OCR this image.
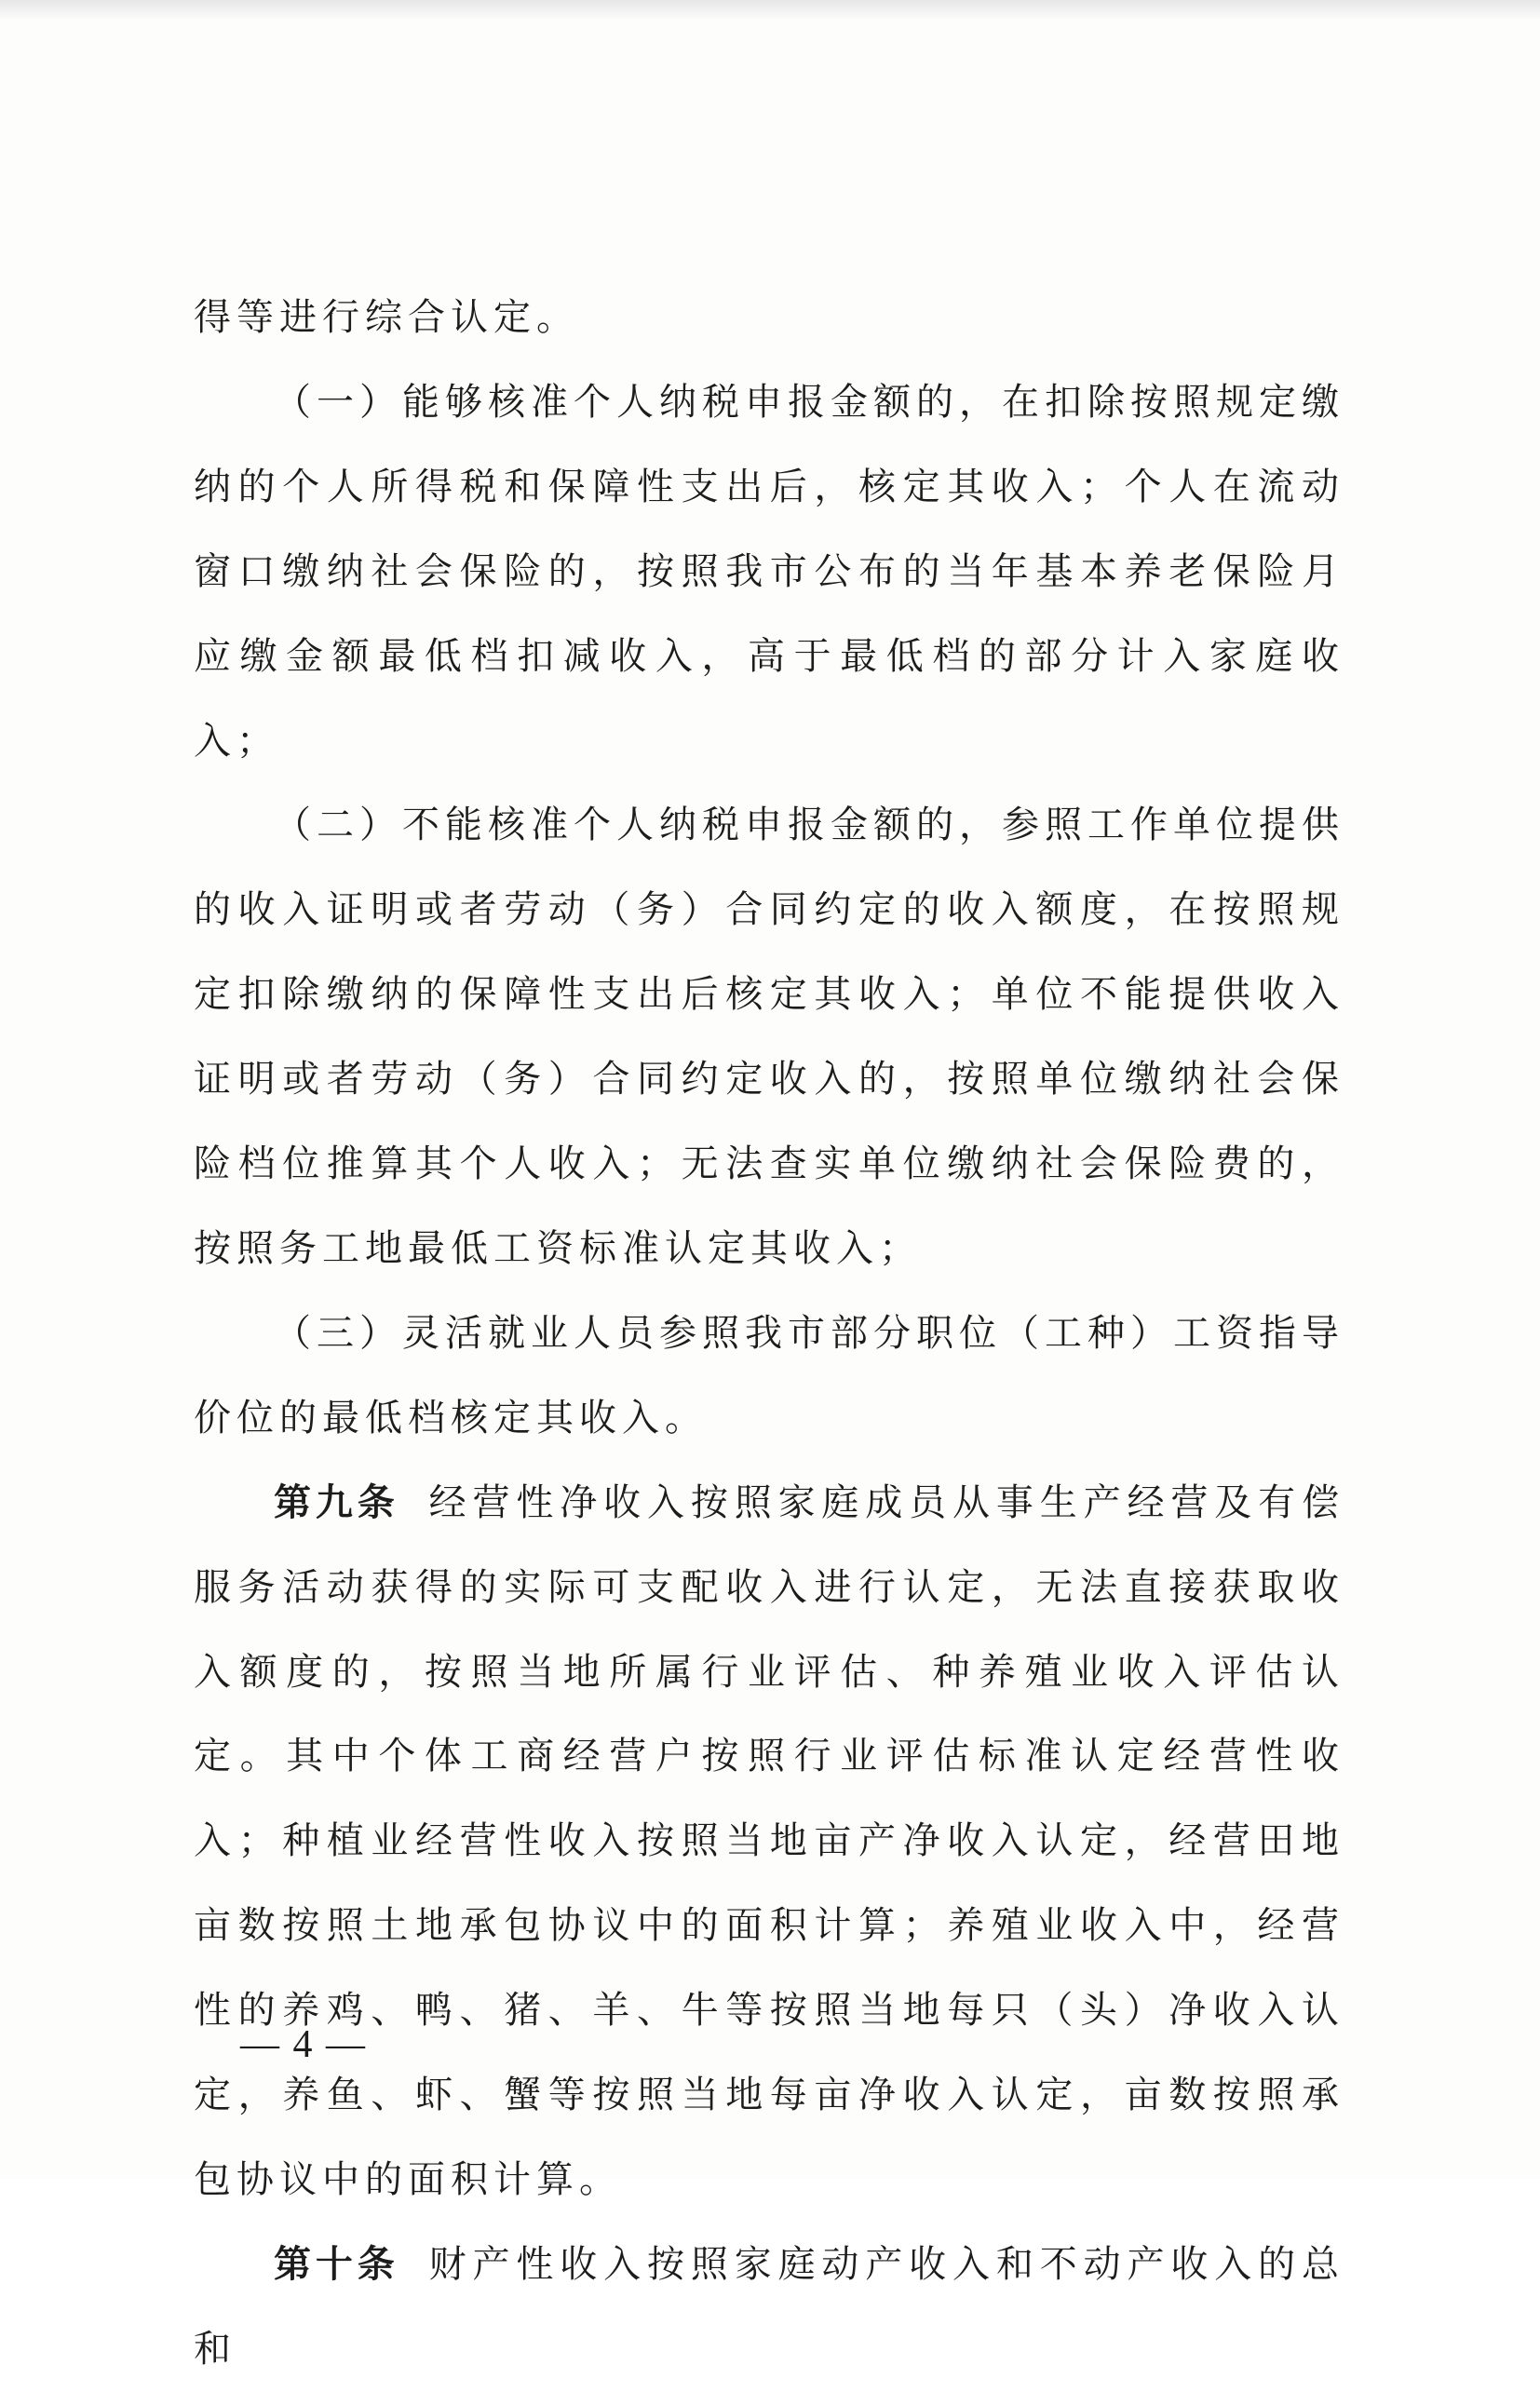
得等进行综合认定。

（一）能够核准个人纳税申报金额的，在扣除按照规定缴纳的个人所得税和保障性支出后，核定其收入；个人在流动窗口缴纳社会保险的，按照我市公布的当年基本养老保险月应缴金额最低档扣减收入，高于最低档的部分计入家庭收入；

（二）不能核准个人纳税申报金额的，参照工作单位提供的收入证明或者劳动（务）合同约定的收入额度，在按照规定扣除缴纳的保障性支出后核定其收入；单位不能提供收入证明或者劳动（务）合同约定收入的，按照单位缴纳社会保险档位推算其个人收入；无法查实单位缴纳社会保险费的，按照务工地最低工资标准认定其收入；

（三）灵活就业人员参照我市部分职位（工种）工资指导价位的最低档核定其收入。

第九条 经营性净收入按照家庭成员从事生产经营及有偿服务活动获得的实际可支配收入进行认定，无法直接获取收入额度的，按照当地所属行业评估、种养殖业收入评估认定。其中个体工商经营户按照行业评估标准认定经营性收入；种植业经营性收入按照当地亩产净收入认定，经营田地亩数按照土地承包协议中的面积计算；养殖业收入中，经营性的养鸡、鸭、猪、羊、牛等按照当地每只（头）净收入认定，养鱼、虾、蟹等按照当地每亩净收入认定，亩数按照承包协议中的面积计算。

第十条 财产性收入按照家庭动产收入和不动产收入的总和

— 4 —
